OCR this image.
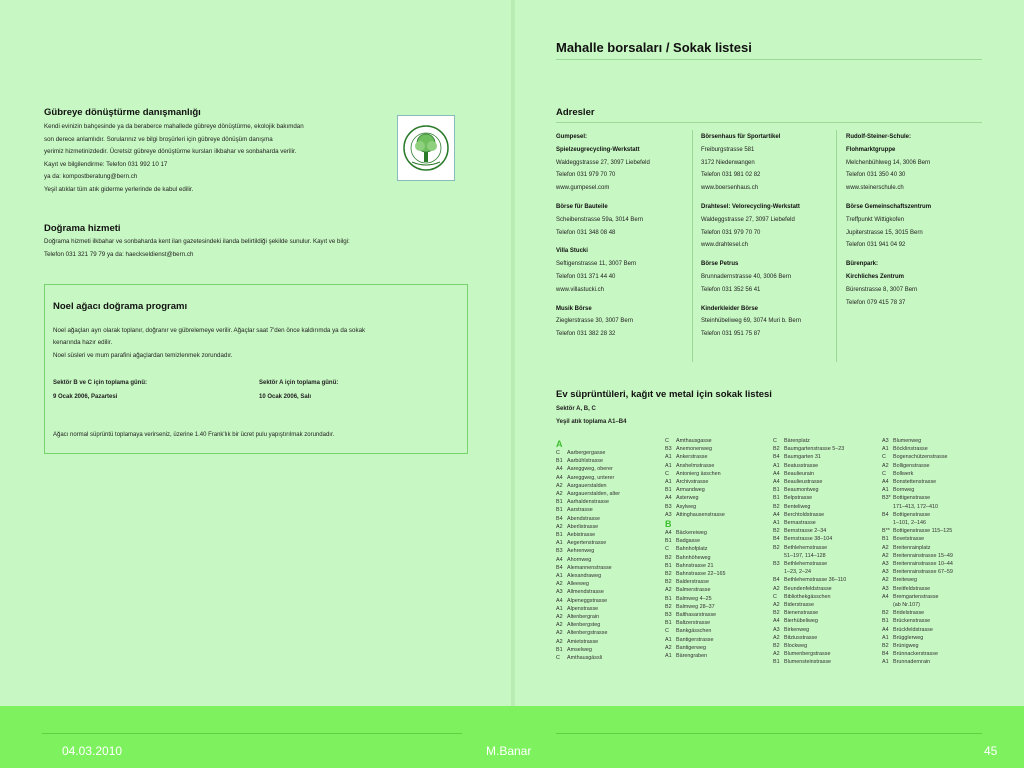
Gübreye dönüştürme danışmanlığı
Kendi evinizin bahçesinde ya da beraberce mahallede gübreye dönüştürme, ekolojik bakımdan
son derece anlamlıdır. Sorularınız ve bilgi broşürleri için gübreye dönüşüm danışma
yerimiz hizmetinizdedir. Ücretsiz gübreye dönüştürme kursları ilkbahar ve sonbaharda verilir.
Kayıt ve bilgilendirme: Telefon 031 992 10 17
ya da: kompostberatung@bern.ch
Yeşil atıklar tüm atık giderme yerlerinde de kabul edilir.
Doğrama hizmeti
Doğrama hizmeti ilkbahar ve sonbaharda kent ilan gazetesindeki ilanda belirtildiği şekilde sunulur. Kayıt ve bilgi:
Telefon 031 321 79 79 ya da: haeckseldienst@bern.ch
Noel ağacı doğrama programı
Noel ağaçları ayrı olarak toplanır, doğranır ve gübrelemeye verilir. Ağaçlar saat 7'den önce kaldırımda ya da sokak
kenarında hazır edilir.
Noel süsleri ve mum parafini ağaçlardan temizlenmek zorundadır.
Sektör B ve C için toplama günü:
9 Ocak 2006, Pazartesi
Sektör A için toplama günü:
10 Ocak 2006, Salı
Ağacı normal süprüntü toplamaya verirseniz, üzerine 1.40 Frank'lık bir ücret pulu yapıştırılmak zorundadır.
Mahalle borsaları / Sokak listesi
Adresler
Gumpesel:
Spielzeugrecycling-Werkstatt
Waldeggstrasse 27, 3097 Liebefeld
Telefon 031 979 70 70
www.gumpesel.com
Börse für Bauteile
Scheibenstrasse 59a, 3014 Bern
Telefon 031 348 08 48
Villa Stucki
Seftigenstrasse 11, 3007 Bern
Telefon 031 371 44 40
www.villastucki.ch
Musik Börse
Zieglerstrasse 30, 3007 Bern
Telefon 031 382 28 32
Börsenhaus für Sportartikel
Freiburgstrasse 581
3172 Niederwangen
Telefon 031 981 02 82
www.boersenhaus.ch
Drahtesel: Velorecycling-Werkstatt
Waldeggstrasse 27, 3097 Liebefeld
Telefon 031 979 70 70
www.drahtesel.ch
Börse Petrus
Brunnadernstrasse 40, 3006 Bern
Telefon 031 352 56 41
Kinderkleider Börse
Steinhübeliweg 69, 3074 Muri b. Bern
Telefon 031 951 75 87
Rudolf-Steiner-Schule:
Flohmarktgruppe
Melchenbühlweg 14, 3006 Bern
Telefon 031 350 40 30
www.steinerschule.ch
Börse Gemeinschaftszentrum
Treffpunkt Wittigkofen
Jupiterstrasse 15, 3015 Bern
Telefon 031 941 04 92
Bürenpark:
Kirchliches Zentrum
Bürenstrasse 8, 3007 Bern
Telefon 079 415 78 37
Ev süprüntüleri, kağıt ve metal için sokak listesi
Sektör A, B, C
Yeşil atık toplama A1–B4
A
C Aarbergergasse
B1 Aarbühlstrasse
A4 Aareggweg, oberer
A4 Aareggweg, unterer
A2 Aargauerstalden
A2 Aargauerstalden, alter
B1 Aarhaldenstrasse
B1 Aarstrasse
B4 Abendstrasse
A2 Aberlistrasse
B1 Aebistrasse
A1 Aegertenstrasse
B3 Aehrenweg
A4 Ahornweg
B4 Alemannenstrasse
A1 Alexandraweg
A2 Alleeweg
A3 Allmendstrasse
A4 Alpeneggstrasse
A1 Alpenstrasse
A2 Altenbergrain
A2 Altenbergsteg
A2 Altenbergstrasse
A2 Amietstrasse
B1 Amselweg
C Amthausgässli
C Amthausgasse
B3 Anemonenweg
A1 Ankerstrasse
A1 Anshelmstrasse
C Antonierg ässchen
A1 Archivstrasse
B1 Armandweg
A4 Asterweg
B3 Asylweg
A3 Attinghausenstrasse
B
A4 Bäckereiweg
B1 Badgasse
C Bahnhofplatz
B2 Bahnhöheweg
B1 Bahnstrasse 21
B2 Bahnstrasse 22–165
B2 Balderstrasse
A2 Balmerstrasse
B1 Balmweg 4–25
B2 Balmweg 28–37
B3 Balthasarstrasse
B1 Baltzerstrasse
C Bankgässchen
A1 Bantigerstrasse
A2 Bantigerweg
A1 Bärengraben
C Bärenplatz
B2 Baumgartenstrasse 5–23
B4 Baumgarten 31
A1 Beatusstrasse
A4 Beaulieurain
A4 Beaulieustrasse
B1 Beaumontweg
B1 Belpstrasse
B2 Benteliweg
A4 Berchtoldstrasse
A1 Bernastrasse
B2 Bernstrasse 2–34
B4 Bernstrasse 38–104
B2 Bethlehemstrasse
51–197, 114–128
B3 Bethlehemstrasse
1–23, 2–24
B4 Bethlehemstrasse 36–110
A2 Beundenfeldstrasse
C Bibliothekgässchen
A2 Biderstrasse
B2 Bienenstrasse
A4 Bierhübeliweg
A3 Birkenweg
A2 Bitziusstrasse
B2 Blockweg
A2 Blumenbergstrasse
B1 Blumensteinstrasse
A3 Blumenweg
A1 Böcklinstrasse
C Bogenschützenstrasse
A2 Bolligenstrasse
C Bollwerk
A4 Bonstettenstrasse
A1 Bornweg
B3* Bottigenstrasse
171–413, 172–410
B4 Bottigenstrasse
1–101, 2–146
B** Bottigenstrasse 115–125
B1 Bovetstrasse
A2 Breitenrainplatz
A2 Breitenrainstrasse 15–49
A3 Breitenrainstrasse 10–44
A3 Breitenrainstrasse 67–59
A2 Breiteweg
A3 Breitfeldstrasse
A4 Bremgartenstrasse
(ab Nr.107)
B2 Bridelstrasse
B1 Brückenstrasse
A4 Brückfeldstrasse
A1 Brügglerweg
B2 Brünigweg
B4 Brünnackerstrasse
A1 Brunnadernrain
04.03.2010	M.Banar	45
